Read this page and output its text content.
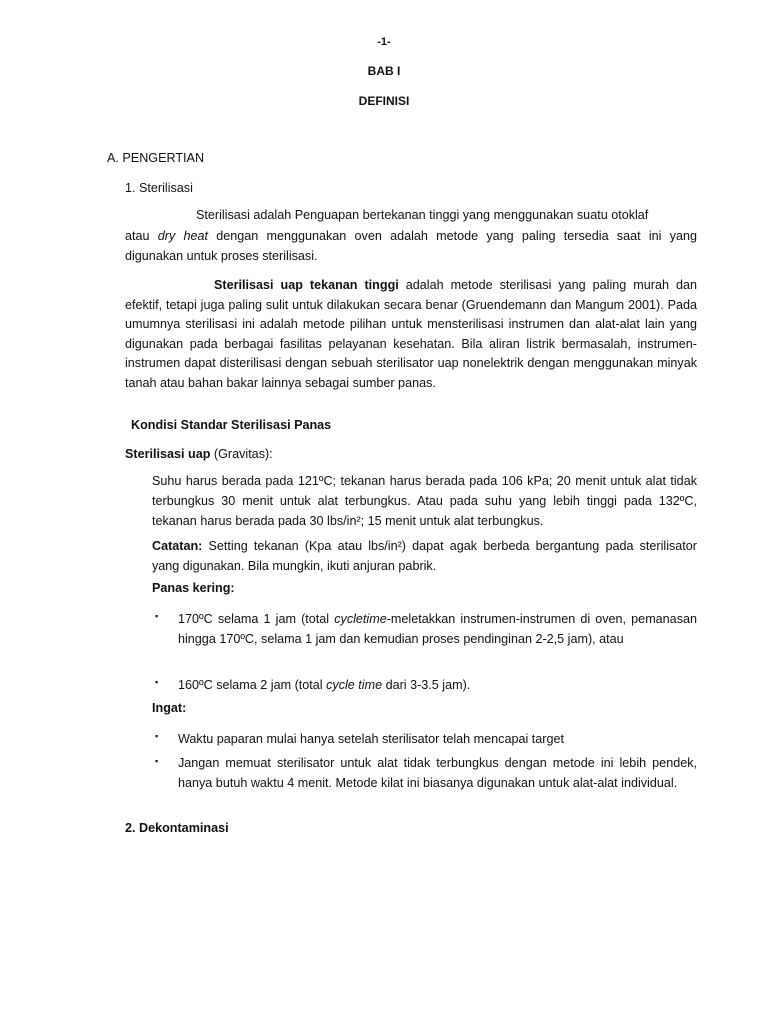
-1-
BAB I
DEFINISI
A. PENGERTIAN
1. Sterilisasi
Sterilisasi adalah Penguapan bertekanan tinggi yang menggunakan suatu otoklaf
atau dry heat dengan menggunakan oven adalah metode yang paling tersedia saat ini yang
digunakan untuk proses sterilisasi.
Sterilisasi uap tekanan tinggi adalah metode sterilisasi yang paling murah dan efektif, tetapi juga paling sulit untuk dilakukan secara benar (Gruendemann dan Mangum 2001). Pada umumnya sterilisasi ini adalah metode pilihan untuk mensterilisasi instrumen dan alat-alat lain yang digunakan pada berbagai fasilitas pelayanan kesehatan. Bila aliran listrik bermasalah, instrumen-instrumen dapat disterilisasi dengan sebuah sterilisator uap nonelektrik dengan menggunakan minyak tanah atau bahan bakar lainnya sebagai sumber panas.
Kondisi Standar Sterilisasi Panas
Sterilisasi uap (Gravitas):
Suhu harus berada pada 121ºC; tekanan harus berada pada 106 kPa; 20 menit untuk alat tidak terbungkus 30 menit untuk alat terbungkus. Atau pada suhu yang lebih tinggi pada 132ºC, tekanan harus berada pada 30 lbs/in²; 15 menit untuk alat terbungkus.
Catatan: Setting tekanan (Kpa atau lbs/in²) dapat agak berbeda bergantung pada sterilisator yang digunakan. Bila mungkin, ikuti anjuran pabrik.
Panas kering:
▪ 170ºC selama 1 jam (total cycletime-meletakkan instrumen-instrumen di oven, pemanasan hingga 170ºC, selama 1 jam dan kemudian proses pendinginan 2-2,5 jam), atau
▪ 160ºC selama 2 jam (total cycle time dari 3-3.5 jam).
Ingat:
▪ Waktu paparan mulai hanya setelah sterilisator telah mencapai target
▪ Jangan memuat sterilisator untuk alat tidak terbungkus dengan metode ini lebih pendek, hanya butuh waktu 4 menit. Metode kilat ini biasanya digunakan untuk alat-alat individual.
2. Dekontaminasi
